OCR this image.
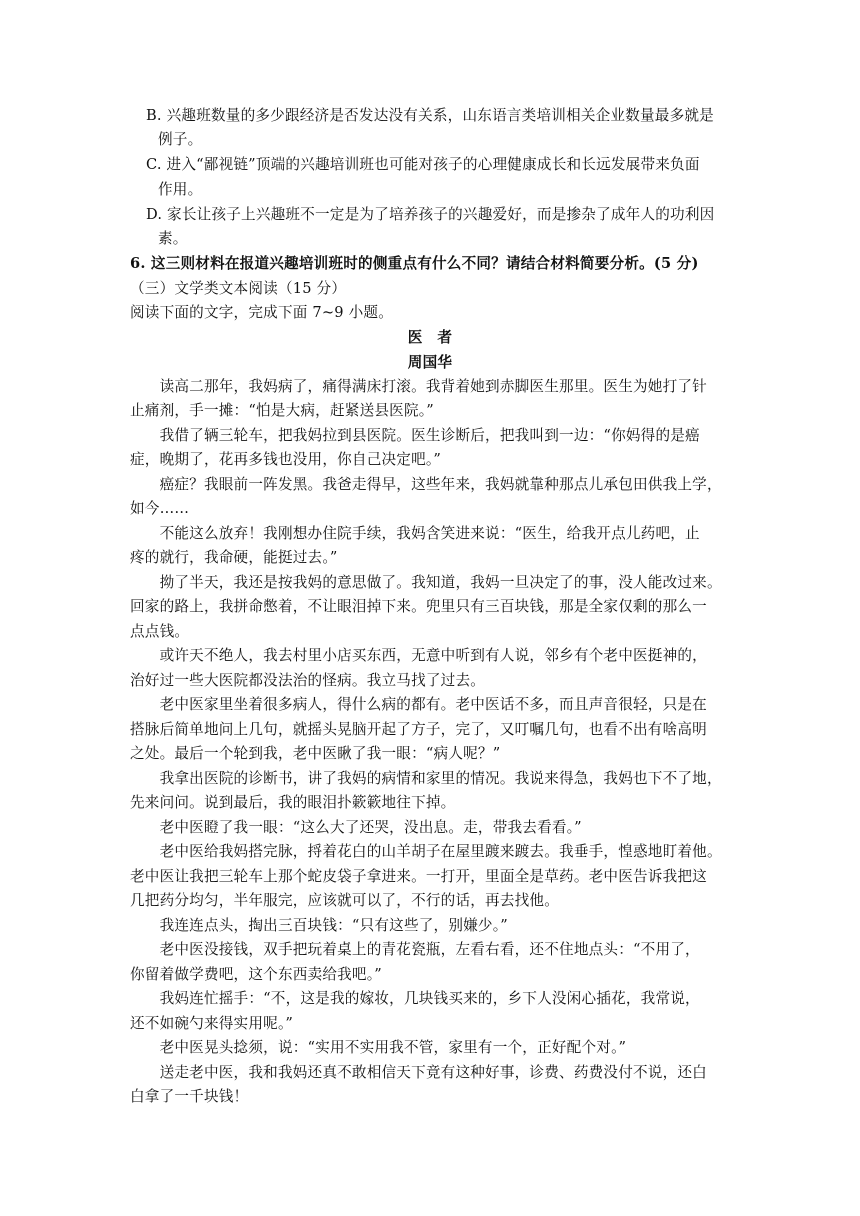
B. 兴趣班数量的多少跟经济是否发达没有关系，山东语言类培训相关企业数量最多就是
例子。
C. 进入“鄙视链”顶端的兴趣培训班也可能对孩子的心理健康成长和长远发展带来负面
作用。
D. 家长让孩子上兴趣班不一定是为了培养孩子的兴趣爱好，而是掺杂了成年人的功利因
素。
6. 这三则材料在报道兴趣培训班时的侧重点有什么不同？请结合材料简要分析。(5 分)
（三）文学类文本阅读（15 分）
阅读下面的文字，完成下面 7~9 小题。
医　者
周国华
　　读高二那年，我妈病了，痛得满床打滚。我背着她到赤脚医生那里。医生为她打了针
止痛剂，手一摊：“怕是大病，赶紧送县医院。”
　　我借了辆三轮车，把我妈拉到县医院。医生诊断后，把我叫到一边：“你妈得的是癌
症，晚期了，花再多钱也没用，你自己决定吧。”
　　癌症？我眼前一阵发黑。我爸走得早，这些年来，我妈就靠种那点儿承包田供我上学，
如今……
　　不能这么放弃！我刚想办住院手续，我妈含笑进来说：“医生，给我开点儿药吧，止
疼的就行，我命硬，能挺过去。”
　　拗了半天，我还是按我妈的意思做了。我知道，我妈一旦决定了的事，没人能改过来。
回家的路上，我拼命憋着，不让眼泪掉下来。兜里只有三百块钱，那是全家仅剩的那么一
点点钱。
　　或许天不绝人，我去村里小店买东西，无意中听到有人说，邻乡有个老中医挺神的，
治好过一些大医院都没法治的怪病。我立马找了过去。
　　老中医家里坐着很多病人，得什么病的都有。老中医话不多，而且声音很轻，只是在
搭脉后简单地问上几句，就摇头晃脑开起了方子，完了，又叮嘱几句，也看不出有啥高明
之处。最后一个轮到我，老中医瞅了我一眼：“病人呢？”
　　我拿出医院的诊断书，讲了我妈的病情和家里的情况。我说来得急，我妈也下不了地，
先来问问。说到最后，我的眼泪扑簌簌地往下掉。
　　老中医瞪了我一眼：“这么大了还哭，没出息。走，带我去看看。”
　　老中医给我妈搭完脉，捋着花白的山羊胡子在屋里踱来踱去。我垂手，惶惑地盯着他。
老中医让我把三轮车上那个蛇皮袋子拿进来。一打开，里面全是草药。老中医告诉我把这
几把药分均匀，半年服完，应该就可以了，不行的话，再去找他。
　　我连连点头，掏出三百块钱：“只有这些了，别嫌少。”
　　老中医没接钱，双手把玩着桌上的青花瓷瓶，左看右看，还不住地点头：“不用了，
你留着做学费吧，这个东西卖给我吧。”
　　我妈连忙摇手：“不，这是我的嫁妆，几块钱买来的，乡下人没闲心插花，我常说，
还不如碗勺来得实用呢。”
　　老中医晃头捻须，说：“实用不实用我不管，家里有一个，正好配个对。”
　　送走老中医，我和我妈还真不敢相信天下竟有这种好事，诊费、药费没付不说，还白
白拿了一千块钱！
